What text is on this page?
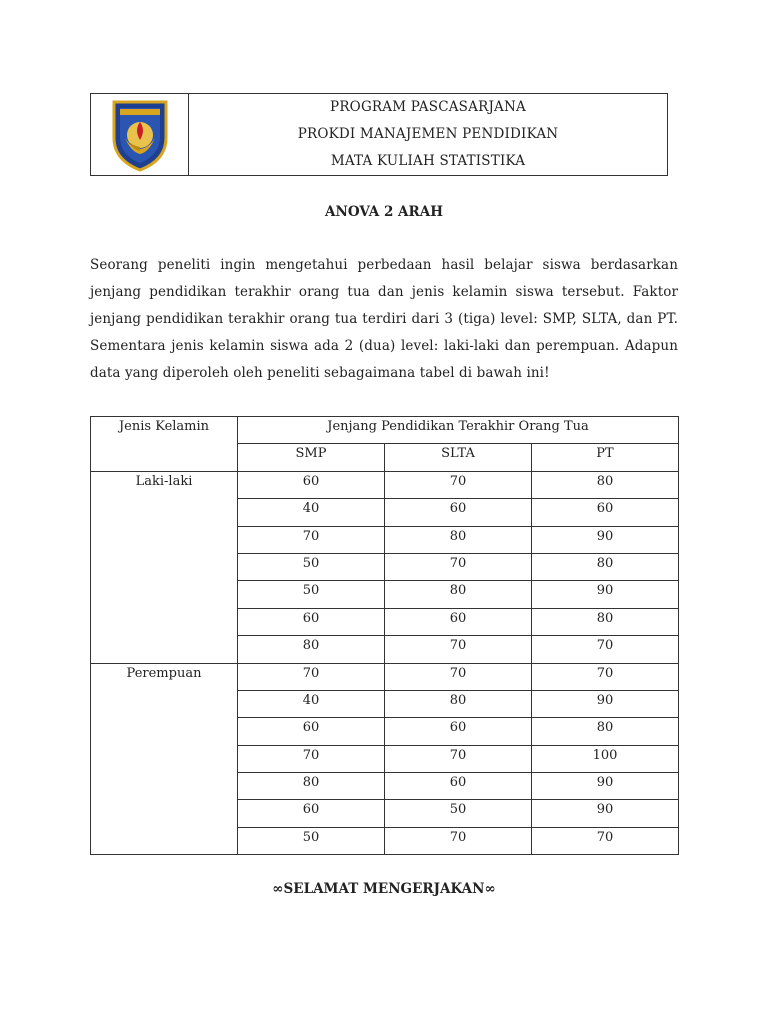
PROGRAM PASCASARJANA
PROKDI MANAJEMEN PENDIDIKAN
MATA KULIAH STATISTIKA
ANOVA 2 ARAH
Seorang peneliti ingin mengetahui perbedaan hasil belajar siswa berdasarkan jenjang pendidikan terakhir orang tua dan jenis kelamin siswa tersebut. Faktor jenjang pendidikan terakhir orang tua terdiri dari 3 (tiga) level: SMP, SLTA, dan PT. Sementara jenis kelamin siswa ada 2 (dua) level: laki-laki dan perempuan. Adapun data yang diperoleh oleh peneliti sebagaimana tabel di bawah ini!
Jenis Kelamin	Jenjang Pendidikan Terakhir Orang Tua		
	SMP	SLTA	PT
Laki-laki	60	70	80
	40	60	60
	70	80	90
	50	70	80
	50	80	90
	60	60	80
	80	70	70
Perempuan	70	70	70
	40	80	90
	60	60	80
	70	70	100
	80	60	90
	60	50	90
	50	70	70
∞SELAMAT MENGERJAKAN∞
